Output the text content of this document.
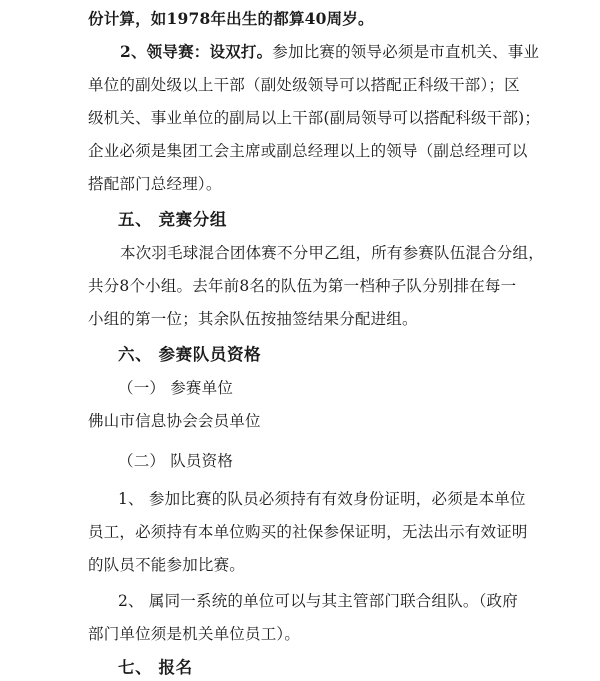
份计算，如1978年出生的都算40周岁。
2、领导赛：设双打。参加比赛的领导必须是市直机关、事业
单位的副处级以上干部（副处级领导可以搭配正科级干部）；区
级机关、事业单位的副局以上干部(副局领导可以搭配科级干部)；
企业必须是集团工会主席或副总经理以上的领导（副总经理可以
搭配部门总经理）。
五、 竞赛分组
本次羽毛球混合团体赛不分甲乙组，所有参赛队伍混合分组，
共分8个小组。去年前8名的队伍为第一档种子队分别排在每一
小组的第一位；其余队伍按抽签结果分配进组。
六、 参赛队员资格
（一） 参赛单位
佛山市信息协会会员单位
（二） 队员资格
1、 参加比赛的队员必须持有有效身份证明，必须是本单位
员工，必须持有本单位购买的社保参保证明，无法出示有效证明
的队员不能参加比赛。
2、 属同一系统的单位可以与其主管部门联合组队。（政府
部门单位须是机关单位员工）。
七、 报名
